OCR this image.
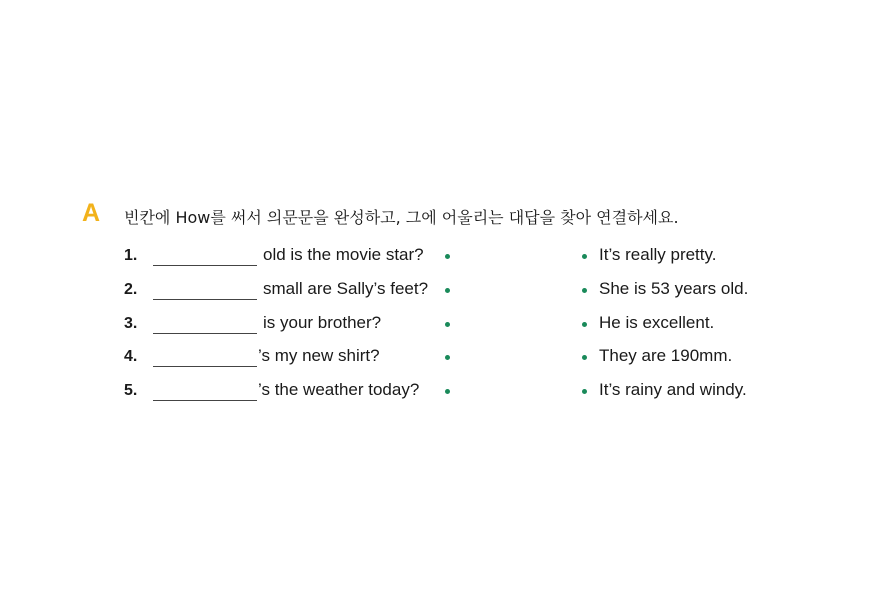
A 빈칸에 How를 써서 의문문을 완성하고, 그에 어울리는 대답을 찾아 연결하세요.
1.	old is the movie star?	It’s really pretty.
2.	small are Sally’s feet?	She is 53 years old.
3.	is your brother?	He is excellent.
4.	’s my new shirt?	They are 190mm.
5.	’s the weather today?	It’s rainy and windy.
